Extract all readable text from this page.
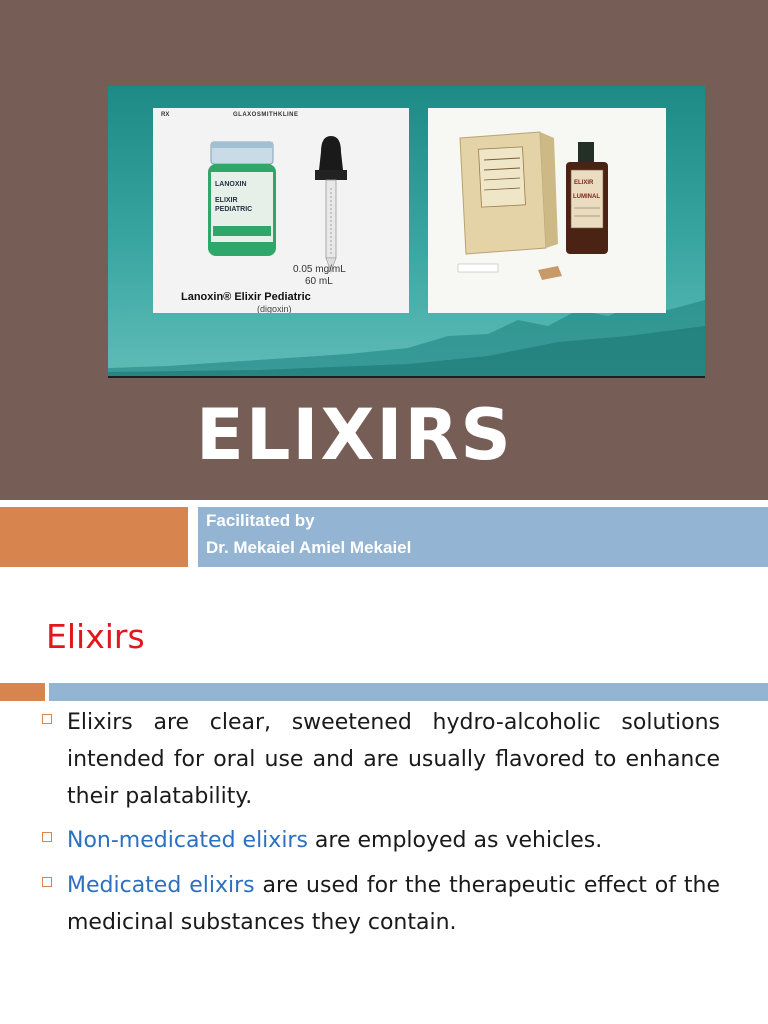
RX	GLAXOSMITHKLINE
LANOXIN
ELIXIR
PEDIATRIC
0.05 mg/mL
60 mL
Lanoxin® Elixir Pediatric
(digoxin)
ELIXIR
LUMINAL
ELIXIRS
Facilitated by
Dr. Mekaiel Amiel Mekaiel
Elixirs
Elixirs are clear, sweetened hydro-alcoholic solutions intended for oral use and are usually flavored to enhance their palatability.
Non-medicated elixirs are employed as vehicles.
Medicated elixirs are used for the therapeutic effect of the medicinal substances they contain.
